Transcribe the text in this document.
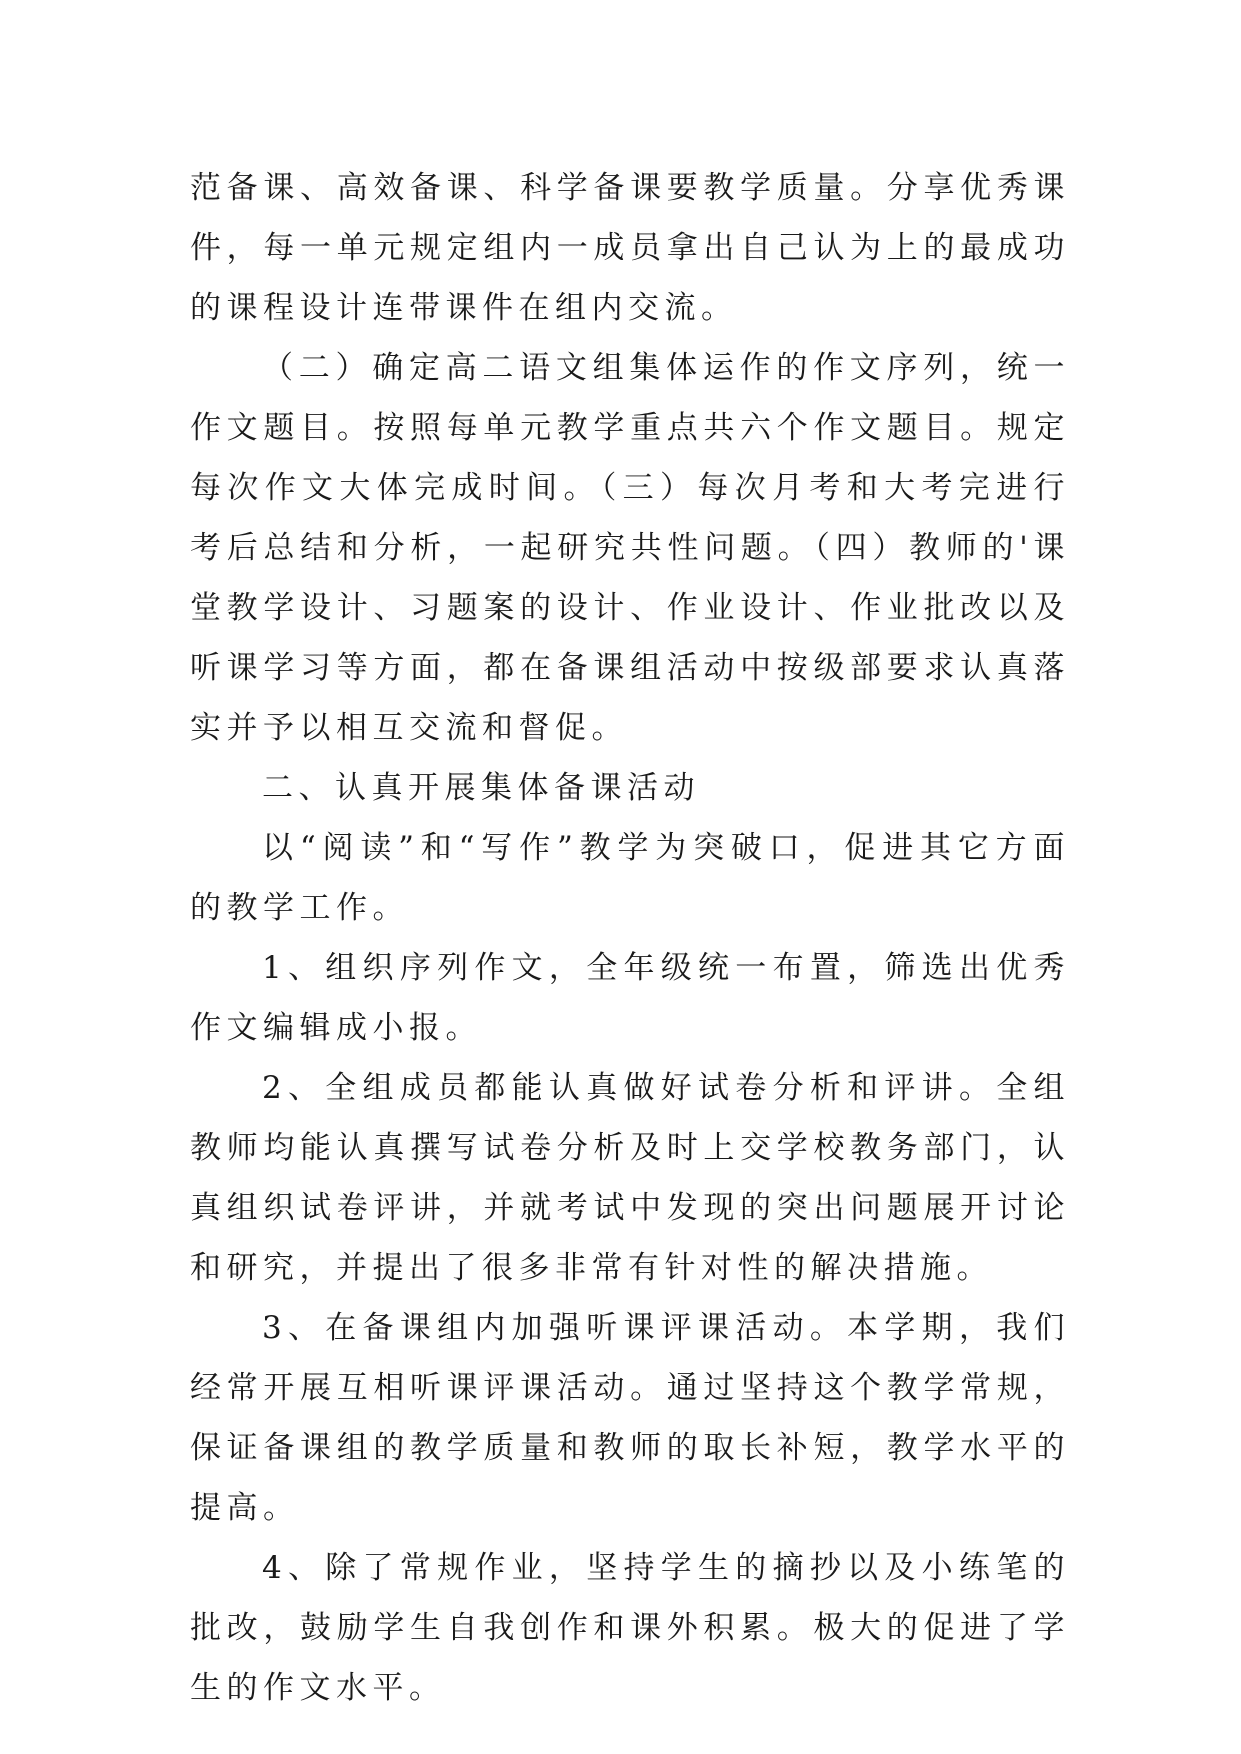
范备课、高效备课、科学备课要教学质量。分享优秀课件，每一单元规定组内一成员拿出自己认为上的最成功的课程设计连带课件在组内交流。

（二）确定高二语文组集体运作的作文序列，统一作文题目。按照每单元教学重点共六个作文题目。规定每次作文大体完成时间。（三）每次月考和大考完进行考后总结和分析，一起研究共性问题。（四）教师的'课堂教学设计、习题案的设计、作业设计、作业批改以及听课学习等方面，都在备课组活动中按级部要求认真落实并予以相互交流和督促。

二、认真开展集体备课活动

以“阅读”和“写作”教学为突破口，促进其它方面的教学工作。

1、组织序列作文，全年级统一布置，筛选出优秀作文编辑成小报。

2、全组成员都能认真做好试卷分析和评讲。全组教师均能认真撰写试卷分析及时上交学校教务部门，认真组织试卷评讲，并就考试中发现的突出问题展开讨论和研究，并提出了很多非常有针对性的解决措施。

3、在备课组内加强听课评课活动。本学期，我们经常开展互相听课评课活动。通过坚持这个教学常规，保证备课组的教学质量和教师的取长补短，教学水平的提高。

4、除了常规作业，坚持学生的摘抄以及小练笔的批改，鼓励学生自我创作和课外积累。极大的促进了学生的作文水平。
